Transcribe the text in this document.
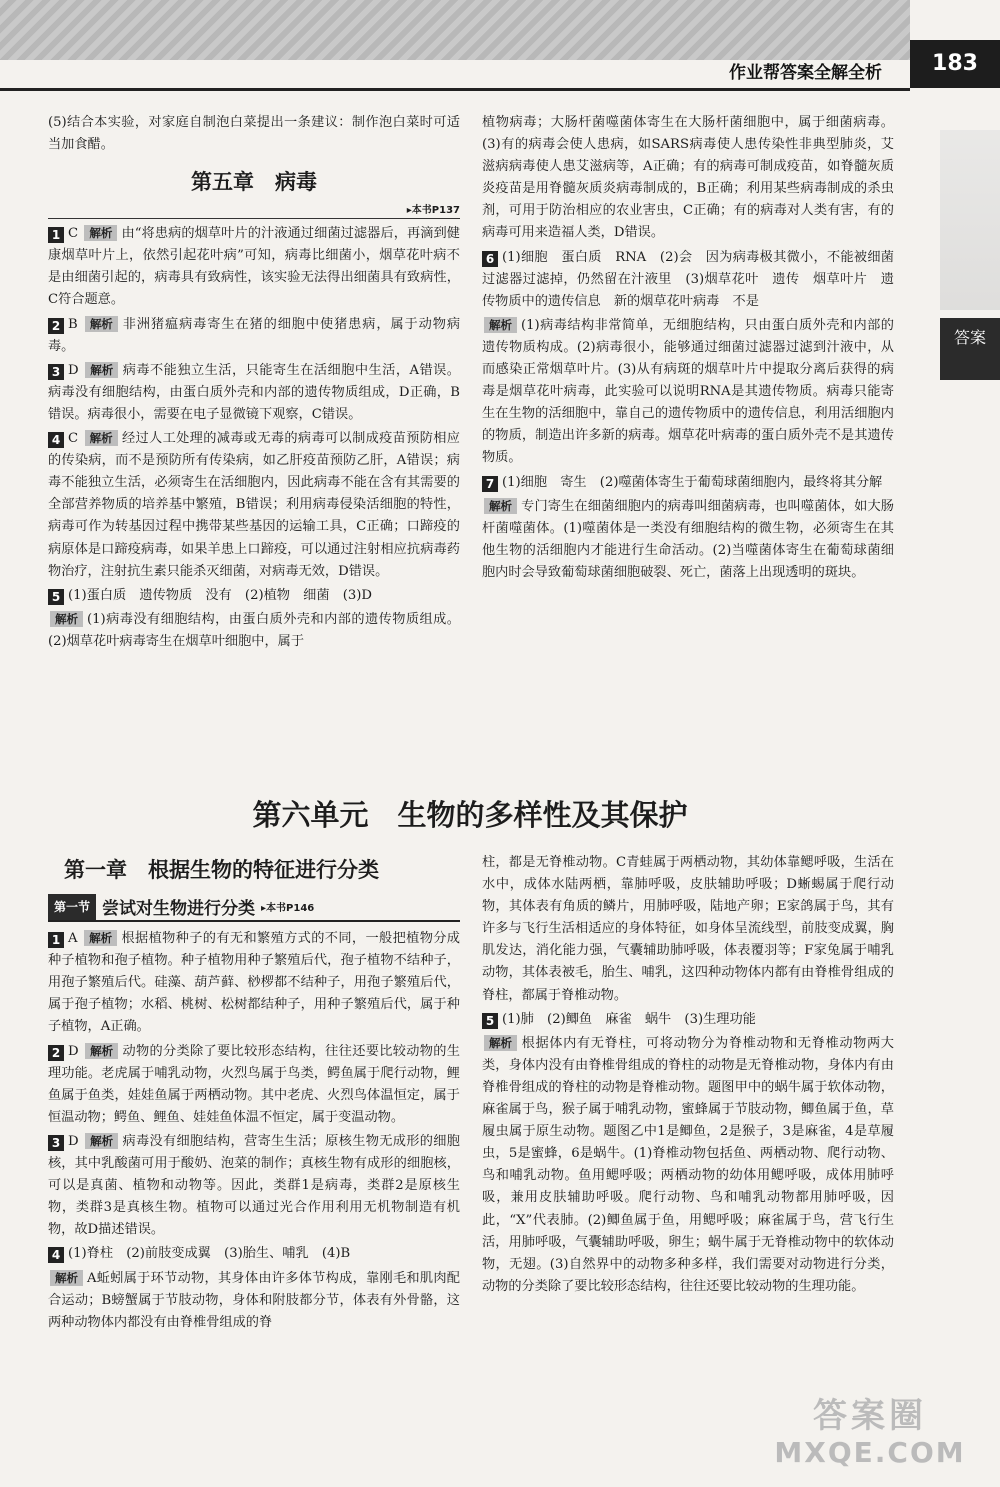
作业帮答案全解全析	183
答案

(5)结合本实验，对家庭自制泡白菜提出一条建议：制作泡白菜时可适当加食醋。

第五章　病毒
▸本书P137

1 C 解析 由“将患病的烟草叶片的汁液通过细菌过滤器后，再滴到健康烟草叶片上，依然引起花叶病”可知，病毒比细菌小，烟草花叶病不是由细菌引起的，病毒具有致病性，该实验无法得出细菌具有致病性，C符合题意。

2 B 解析 非洲猪瘟病毒寄生在猪的细胞中使猪患病，属于动物病毒。

3 D 解析 病毒不能独立生活，只能寄生在活细胞中生活，A错误。病毒没有细胞结构，由蛋白质外壳和内部的遗传物质组成，D正确，B错误。病毒很小，需要在电子显微镜下观察，C错误。

4 C 解析 经过人工处理的减毒或无毒的病毒可以制成疫苗预防相应的传染病，而不是预防所有传染病，如乙肝疫苗预防乙肝，A错误；病毒不能独立生活，必须寄生在活细胞内，因此病毒不能在含有其需要的全部营养物质的培养基中繁殖，B错误；利用病毒侵染活细胞的特性，病毒可作为转基因过程中携带某些基因的运输工具，C正确；口蹄疫的病原体是口蹄疫病毒，如果羊患上口蹄疫，可以通过注射相应抗病毒药物治疗，注射抗生素只能杀灭细菌，对病毒无效，D错误。

5 (1)蛋白质　遗传物质　没有　(2)植物　细菌　(3)D

解析 (1)病毒没有细胞结构，由蛋白质外壳和内部的遗传物质组成。(2)烟草花叶病毒寄生在烟草叶细胞中，属于

植物病毒；大肠杆菌噬菌体寄生在大肠杆菌细胞中，属于细菌病毒。(3)有的病毒会使人患病，如SARS病毒使人患传染性非典型肺炎，艾滋病病毒使人患艾滋病等，A正确；有的病毒可制成疫苗，如脊髓灰质炎疫苗是用脊髓灰质炎病毒制成的，B正确；利用某些病毒制成的杀虫剂，可用于防治相应的农业害虫，C正确；有的病毒对人类有害，有的病毒可用来造福人类，D错误。

6 (1)细胞　蛋白质　RNA　(2)会　因为病毒极其微小，不能被细菌过滤器过滤掉，仍然留在汁液里　(3)烟草花叶　遗传　烟草叶片　遗传物质中的遗传信息　新的烟草花叶病毒　不是

解析 (1)病毒结构非常简单，无细胞结构，只由蛋白质外壳和内部的遗传物质构成。(2)病毒很小，能够通过细菌过滤器过滤到汁液中，从而感染正常烟草叶片。(3)从有病斑的烟草叶片中提取分离后获得的病毒是烟草花叶病毒，此实验可以说明RNA是其遗传物质。病毒只能寄生在生物的活细胞中，靠自己的遗传物质中的遗传信息，利用活细胞内的物质，制造出许多新的病毒。烟草花叶病毒的蛋白质外壳不是其遗传物质。

7 (1)细胞　寄生　(2)噬菌体寄生于葡萄球菌细胞内，最终将其分解

解析 专门寄生在细菌细胞内的病毒叫细菌病毒，也叫噬菌体，如大肠杆菌噬菌体。(1)噬菌体是一类没有细胞结构的微生物，必须寄生在其他生物的活细胞内才能进行生命活动。(2)当噬菌体寄生在葡萄球菌细胞内时会导致葡萄球菌细胞破裂、死亡，菌落上出现透明的斑块。

第六单元　生物的多样性及其保护
第一章　根据生物的特征进行分类
第一节 尝试对生物进行分类 ▸本书P146

1 A 解析 根据植物种子的有无和繁殖方式的不同，一般把植物分成种子植物和孢子植物。种子植物用种子繁殖后代，孢子植物不结种子，用孢子繁殖后代。硅藻、葫芦藓、桫椤都不结种子，用孢子繁殖后代，属于孢子植物；水稻、桃树、松树都结种子，用种子繁殖后代，属于种子植物，A正确。

2 D 解析 动物的分类除了要比较形态结构，往往还要比较动物的生理功能。老虎属于哺乳动物，火烈鸟属于鸟类，鳄鱼属于爬行动物，鲤鱼属于鱼类，娃娃鱼属于两栖动物。其中老虎、火烈鸟体温恒定，属于恒温动物；鳄鱼、鲤鱼、娃娃鱼体温不恒定，属于变温动物。

3 D 解析 病毒没有细胞结构，营寄生生活；原核生物无成形的细胞核，其中乳酸菌可用于酸奶、泡菜的制作；真核生物有成形的细胞核，可以是真菌、植物和动物等。因此，类群1是病毒，类群2是原核生物，类群3是真核生物。植物可以通过光合作用利用无机物制造有机物，故D描述错误。

4 (1)脊柱　(2)前肢变成翼　(3)胎生、哺乳　(4)B

解析 A蚯蚓属于环节动物，其身体由许多体节构成，靠刚毛和肌肉配合运动；B螃蟹属于节肢动物，身体和附肢都分节，体表有外骨骼，这两种动物体内都没有由脊椎骨组成的脊

柱，都是无脊椎动物。C青蛙属于两栖动物，其幼体靠鳃呼吸，生活在水中，成体水陆两栖，靠肺呼吸，皮肤辅助呼吸；D蜥蜴属于爬行动物，其体表有角质的鳞片，用肺呼吸，陆地产卵；E家鸽属于鸟，其有许多与飞行生活相适应的身体特征，如身体呈流线型，前肢变成翼，胸肌发达，消化能力强，气囊辅助肺呼吸，体表覆羽等；F家兔属于哺乳动物，其体表被毛，胎生、哺乳，这四种动物体内都有由脊椎骨组成的脊柱，都属于脊椎动物。

5 (1)肺　(2)鲫鱼　麻雀　蜗牛　(3)生理功能

解析 根据体内有无脊柱，可将动物分为脊椎动物和无脊椎动物两大类，身体内没有由脊椎骨组成的脊柱的动物是无脊椎动物，身体内有由脊椎骨组成的脊柱的动物是脊椎动物。题图甲中的蜗牛属于软体动物，麻雀属于鸟，猴子属于哺乳动物，蜜蜂属于节肢动物，鲫鱼属于鱼，草履虫属于原生动物。题图乙中1是鲫鱼，2是猴子，3是麻雀，4是草履虫，5是蜜蜂，6是蜗牛。(1)脊椎动物包括鱼、两栖动物、爬行动物、鸟和哺乳动物。鱼用鳃呼吸；两栖动物的幼体用鳃呼吸，成体用肺呼吸，兼用皮肤辅助呼吸。爬行动物、鸟和哺乳动物都用肺呼吸，因此，“X”代表肺。(2)鲫鱼属于鱼，用鳃呼吸；麻雀属于鸟，营飞行生活，用肺呼吸，气囊辅助呼吸，卵生；蜗牛属于无脊椎动物中的软体动物，无翅。(3)自然界中的动物多种多样，我们需要对动物进行分类，动物的分类除了要比较形态结构，往往还要比较动物的生理功能。

答案圈
MXQE.COM
